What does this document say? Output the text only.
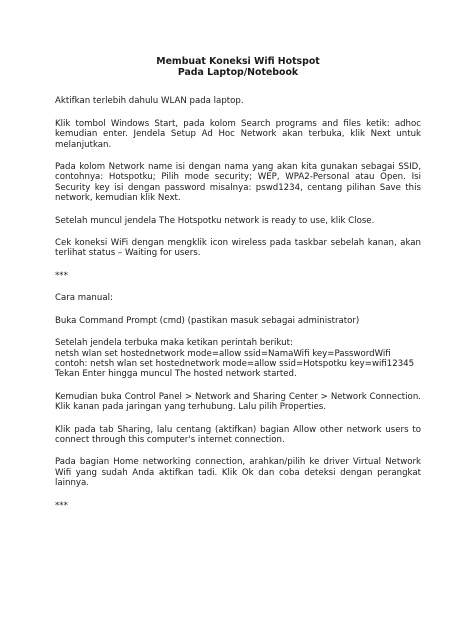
Membuat Koneksi Wifi Hotspot
Pada Laptop/Notebook

Aktifkan terlebih dahulu WLAN pada laptop.

Klik tombol Windows Start, pada kolom Search programs and files ketik: adhoc kemudian enter. Jendela Setup Ad Hoc Network akan terbuka, klik Next untuk melanjutkan.

Pada kolom Network name isi dengan nama yang akan kita gunakan sebagai SSID, contohnya: Hotspotku; Pilih mode security; WEP, WPA2-Personal atau Open. Isi Security key isi dengan password misalnya: pswd1234, centang pilihan Save this network, kemudian klik Next.

Setelah muncul jendela The Hotspotku network is ready to use, klik Close.

Cek koneksi WiFi dengan mengklik icon wireless pada taskbar sebelah kanan, akan terlihat status – Waiting for users.

***

Cara manual:

Buka Command Prompt (cmd) (pastikan masuk sebagai administrator)

Setelah jendela terbuka maka ketikan perintah berikut:
netsh wlan set hostednetwork mode=allow ssid=NamaWifi key=PasswordWifi
contoh: netsh wlan set hostednetwork mode=allow ssid=Hotspotku key=wifi12345
Tekan Enter hingga muncul The hosted network started.

Kemudian buka Control Panel > Network and Sharing Center > Network Connection. Klik kanan pada jaringan yang terhubung. Lalu pilih Properties.

Klik pada tab Sharing, lalu centang (aktifkan) bagian Allow other network users to connect through this computer's internet connection.

Pada bagian Home networking connection, arahkan/pilih ke driver Virtual Network Wifi yang sudah Anda aktifkan tadi. Klik Ok dan coba deteksi dengan perangkat lainnya.

***
